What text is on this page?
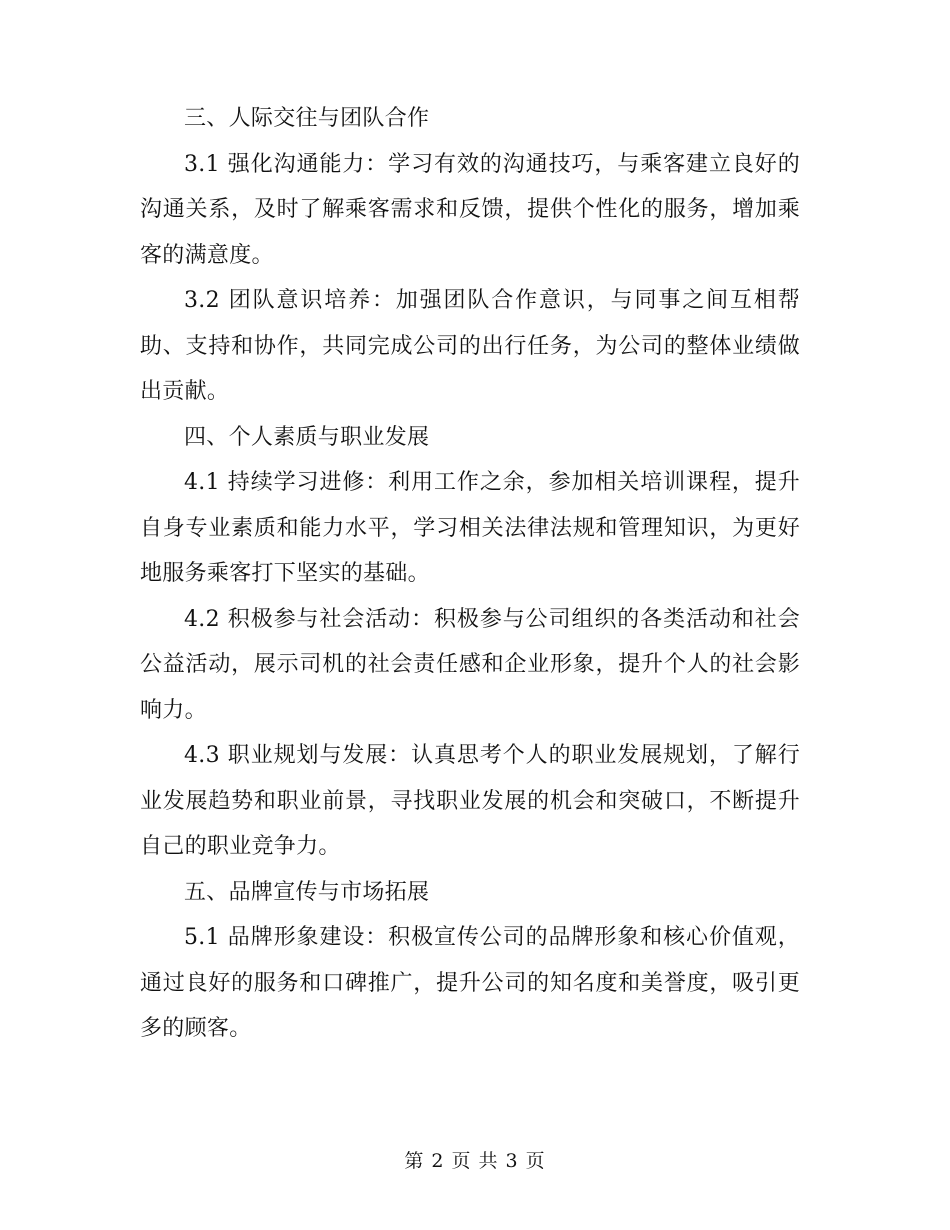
三、人际交往与团队合作

3.1 强化沟通能力：学习有效的沟通技巧，与乘客建立良好的沟通关系，及时了解乘客需求和反馈，提供个性化的服务，增加乘客的满意度。

3.2 团队意识培养：加强团队合作意识，与同事之间互相帮助、支持和协作，共同完成公司的出行任务，为公司的整体业绩做出贡献。

四、个人素质与职业发展

4.1 持续学习进修：利用工作之余，参加相关培训课程，提升自身专业素质和能力水平，学习相关法律法规和管理知识，为更好地服务乘客打下坚实的基础。

4.2 积极参与社会活动：积极参与公司组织的各类活动和社会公益活动，展示司机的社会责任感和企业形象，提升个人的社会影响力。

4.3 职业规划与发展：认真思考个人的职业发展规划，了解行业发展趋势和职业前景，寻找职业发展的机会和突破口，不断提升自己的职业竞争力。

五、品牌宣传与市场拓展

5.1 品牌形象建设：积极宣传公司的品牌形象和核心价值观，通过良好的服务和口碑推广，提升公司的知名度和美誉度，吸引更多的顾客。

第 2 页 共 3 页
